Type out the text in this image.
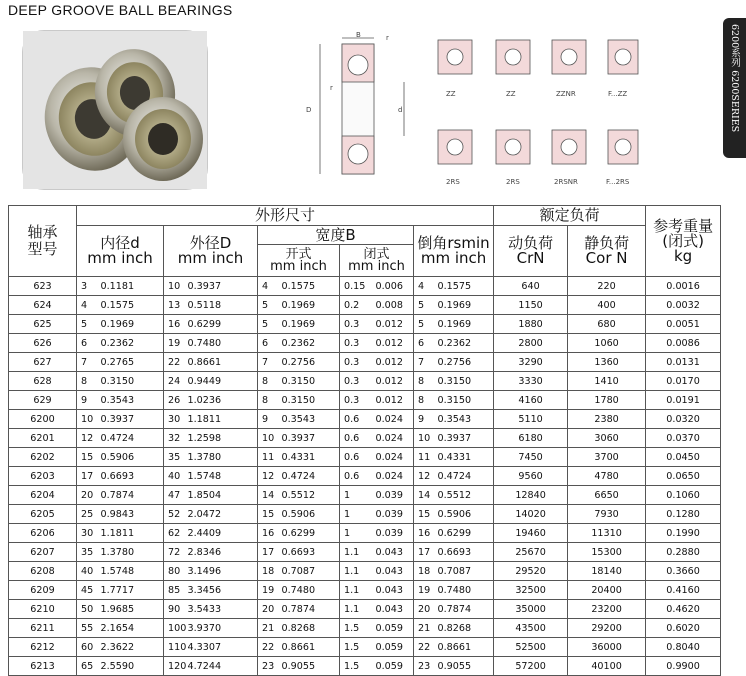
DEEP GROOVE BALL BEARINGS
B	r
r
D	d
ZZ	ZZ	ZZNR	F...ZZ
2RS	2RS	2RSNR	F...2RS
6200系列 6200SERIES
轴承
型号	外形尺寸										额定负荷		参考重量
(闭式)
kg

	内径d
mm inch		外径D
mm inch		宽度B				倒角rsmin
mm inch		动负荷
CrN	静负荷
Cor N	

					开式
mm inch		闭式
mm inch						

623	3	0.1181	10	0.3937	4	0.1575	0.15	0.006	4	0.1575	640	220	0.0016
624	4	0.1575	13	0.5118	5	0.1969	0.2	0.008	5	0.1969	1150	400	0.0032
625	5	0.1969	16	0.6299	5	0.1969	0.3	0.012	5	0.1969	1880	680	0.0051
626	6	0.2362	19	0.7480	6	0.2362	0.3	0.012	6	0.2362	2800	1060	0.0086
627	7	0.2765	22	0.8661	7	0.2756	0.3	0.012	7	0.2756	3290	1360	0.0131
628	8	0.3150	24	0.9449	8	0.3150	0.3	0.012	8	0.3150	3330	1410	0.0170
629	9	0.3543	26	1.0236	8	0.3150	0.3	0.012	8	0.3150	4160	1780	0.0191
6200	10	0.3937	30	1.1811	9	0.3543	0.6	0.024	9	0.3543	5110	2380	0.0320
6201	12	0.4724	32	1.2598	10	0.3937	0.6	0.024	10	0.3937	6180	3060	0.0370
6202	15	0.5906	35	1.3780	11	0.4331	0.6	0.024	11	0.4331	7450	3700	0.0450
6203	17	0.6693	40	1.5748	12	0.4724	0.6	0.024	12	0.4724	9560	4780	0.0650
6204	20	0.7874	47	1.8504	14	0.5512	1	0.039	14	0.5512	12840	6650	0.1060
6205	25	0.9843	52	2.0472	15	0.5906	1	0.039	15	0.5906	14020	7930	0.1280
6206	30	1.1811	62	2.4409	16	0.6299	1	0.039	16	0.6299	19460	11310	0.1990
6207	35	1.3780	72	2.8346	17	0.6693	1.1	0.043	17	0.6693	25670	15300	0.2880
6208	40	1.5748	80	3.1496	18	0.7087	1.1	0.043	18	0.7087	29520	18140	0.3660
6209	45	1.7717	85	3.3456	19	0.7480	1.1	0.043	19	0.7480	32500	20400	0.4160
6210	50	1.9685	90	3.5433	20	0.7874	1.1	0.043	20	0.7874	35000	23200	0.4620
6211	55	2.1654	100	3.9370	21	0.8268	1.5	0.059	21	0.8268	43500	29200	0.6020
6212	60	2.3622	110	4.3307	22	0.8661	1.5	0.059	22	0.8661	52500	36000	0.8040
6213	65	2.5590	120	4.7244	23	0.9055	1.5	0.059	23	0.9055	57200	40100	0.9900
